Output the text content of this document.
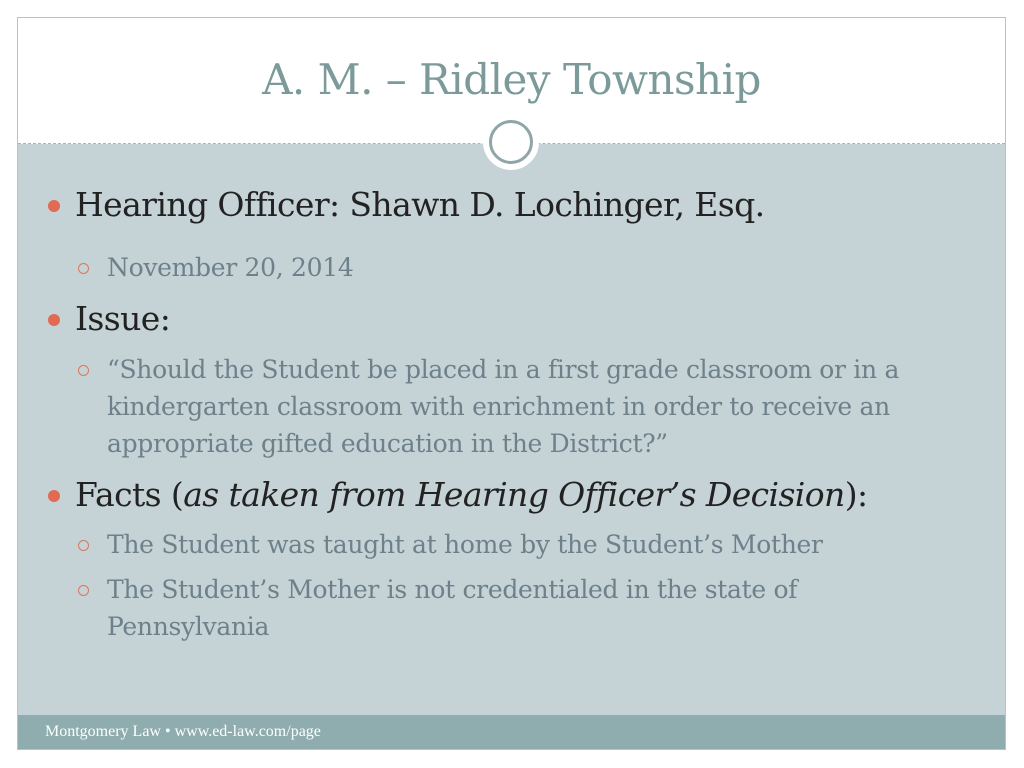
A. M. – Ridley Township
Hearing Officer: Shawn D. Lochinger, Esq.
November 20, 2014
Issue:
“Should the Student be placed in a first grade classroom or in a kindergarten classroom with enrichment in order to receive an appropriate gifted education in the District?”
Facts (as taken from Hearing Officer’s Decision):
The Student was taught at home by the Student’s Mother
The Student’s Mother is not credentialed in the state of Pennsylvania
Montgomery Law • www.ed-law.com/page
